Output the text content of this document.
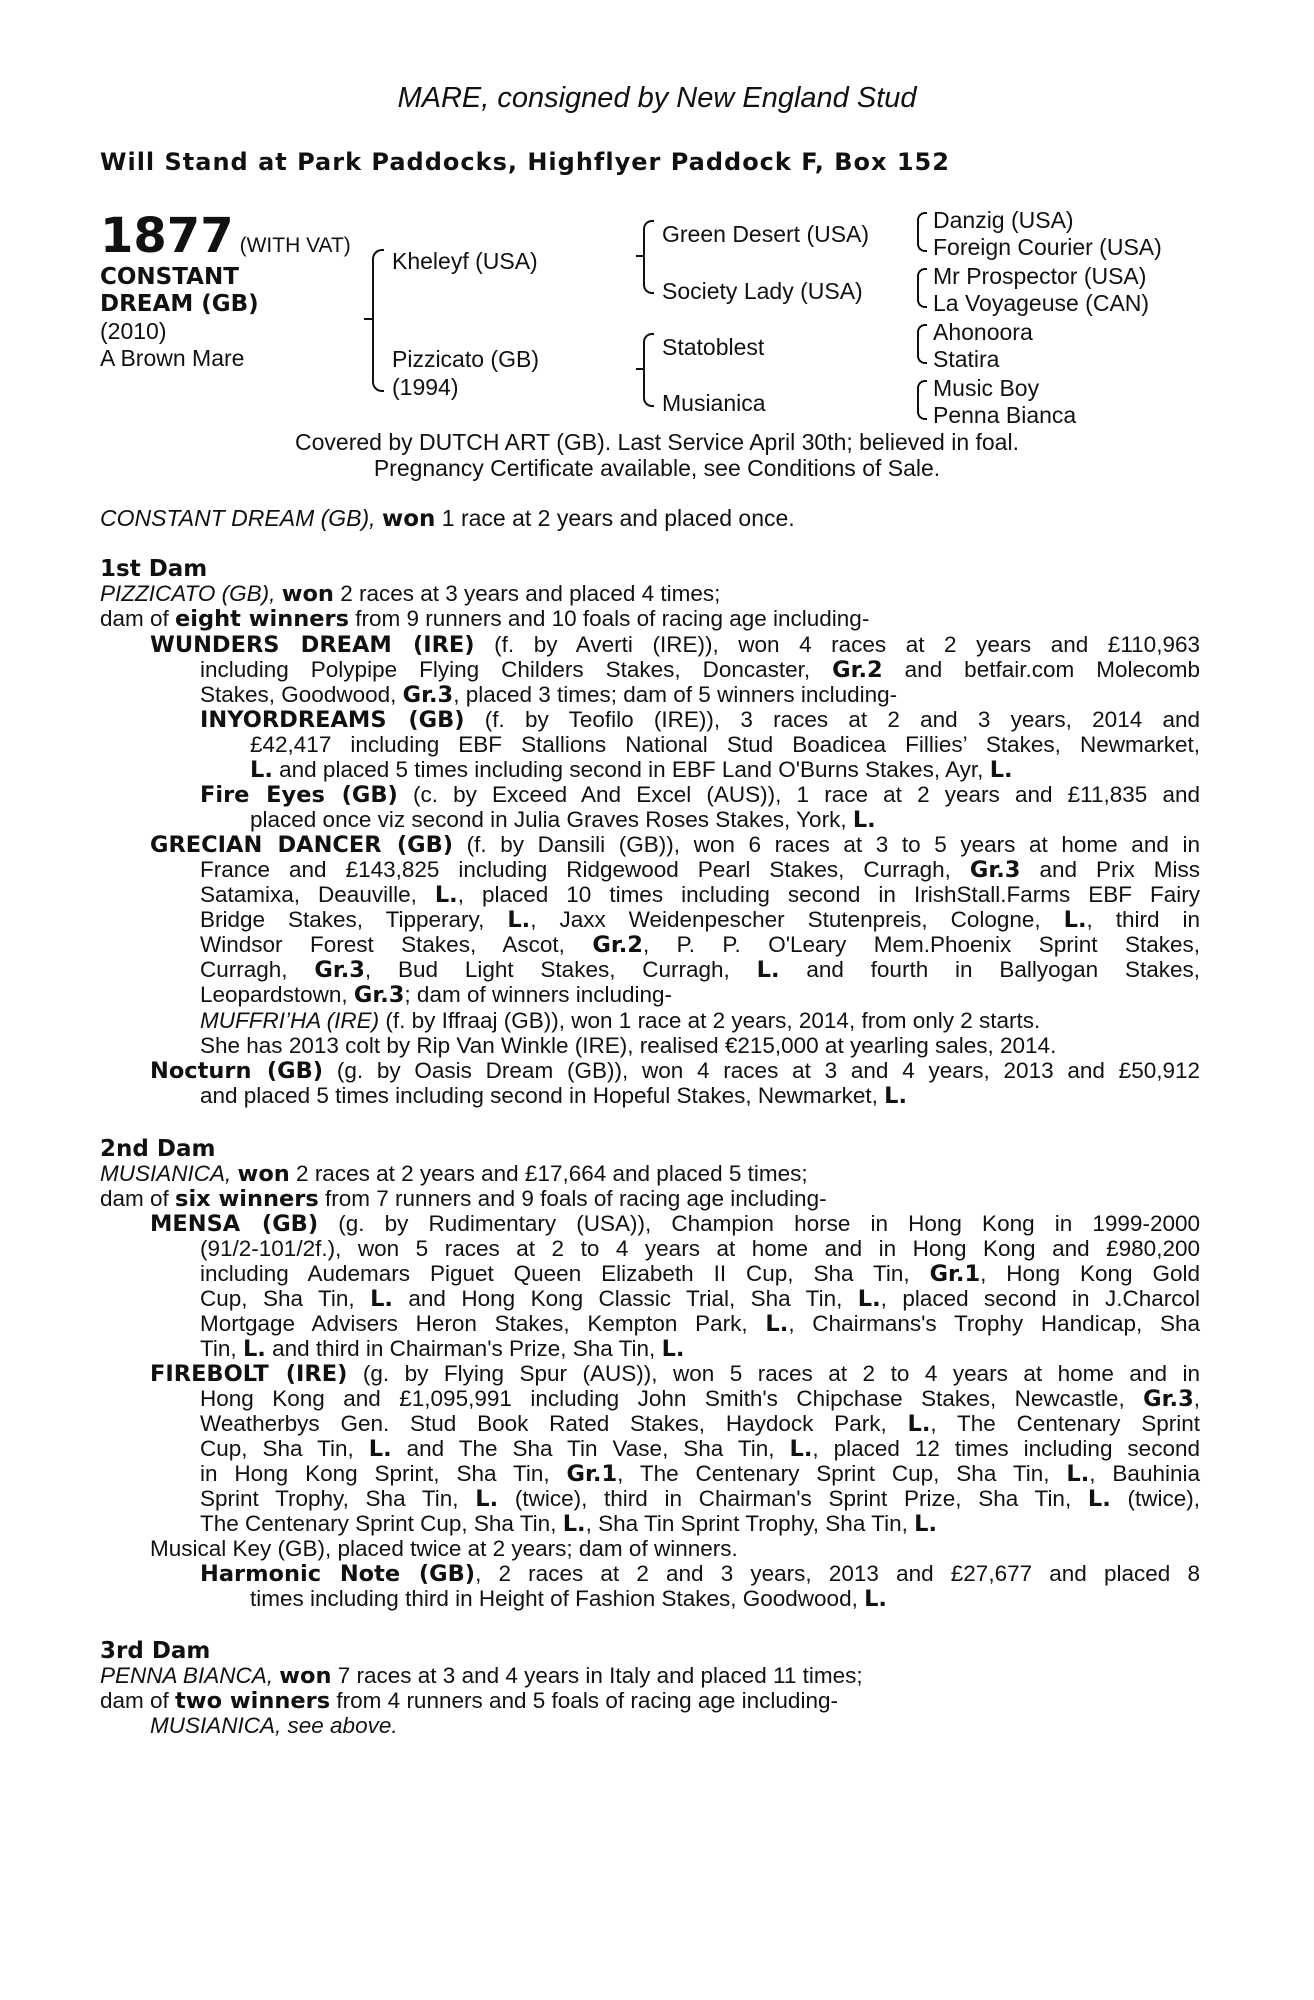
MARE, consigned by New England Stud
Will Stand at Park Paddocks, Highflyer Paddock F, Box 152
1877 (WITH VAT)
CONSTANT
DREAM (GB)
(2010)
A Brown Mare
Kheleyf (USA)
Pizzicato (GB)
(1994)
Green Desert (USA)
Society Lady (USA)
Statoblest
Musianica
Danzig (USA)
Foreign Courier (USA)
Mr Prospector (USA)
La Voyageuse (CAN)
Ahonoora
Statira
Music Boy
Penna Bianca
Covered by DUTCH ART (GB). Last Service April 30th; believed in foal.
Pregnancy Certificate available, see Conditions of Sale.
CONSTANT DREAM (GB), won 1 race at 2 years and placed once.
1st Dam
PIZZICATO (GB), won 2 races at 3 years and placed 4 times;
dam of eight winners from 9 runners and 10 foals of racing age including-
WUNDERS DREAM (IRE) (f. by Averti (IRE)), won 4 races at 2 years and £110,963
including Polypipe Flying Childers Stakes, Doncaster, Gr.2 and betfair.com Molecomb
Stakes, Goodwood, Gr.3, placed 3 times; dam of 5 winners including-
INYORDREAMS (GB) (f. by Teofilo (IRE)), 3 races at 2 and 3 years, 2014 and
£42,417 including EBF Stallions National Stud Boadicea Fillies’ Stakes, Newmarket,
L. and placed 5 times including second in EBF Land O'Burns Stakes, Ayr, L.
Fire Eyes (GB) (c. by Exceed And Excel (AUS)), 1 race at 2 years and £11,835 and
placed once viz second in Julia Graves Roses Stakes, York, L.
GRECIAN DANCER (GB) (f. by Dansili (GB)), won 6 races at 3 to 5 years at home and in
France and £143,825 including Ridgewood Pearl Stakes, Curragh, Gr.3 and Prix Miss
Satamixa, Deauville, L., placed 10 times including second in IrishStall.Farms EBF Fairy
Bridge Stakes, Tipperary, L., Jaxx Weidenpescher Stutenpreis, Cologne, L., third in
Windsor Forest Stakes, Ascot, Gr.2, P. P. O'Leary Mem.Phoenix Sprint Stakes,
Curragh, Gr.3, Bud Light Stakes, Curragh, L. and fourth in Ballyogan Stakes,
Leopardstown, Gr.3; dam of winners including-
MUFFRI’HA (IRE) (f. by Iffraaj (GB)), won 1 race at 2 years, 2014, from only 2 starts.
She has 2013 colt by Rip Van Winkle (IRE), realised €215,000 at yearling sales, 2014.
Nocturn (GB) (g. by Oasis Dream (GB)), won 4 races at 3 and 4 years, 2013 and £50,912
and placed 5 times including second in Hopeful Stakes, Newmarket, L.
2nd Dam
MUSIANICA, won 2 races at 2 years and £17,664 and placed 5 times;
dam of six winners from 7 runners and 9 foals of racing age including-
MENSA (GB) (g. by Rudimentary (USA)), Champion horse in Hong Kong in 1999-2000
(91/2-101/2f.), won 5 races at 2 to 4 years at home and in Hong Kong and £980,200
including Audemars Piguet Queen Elizabeth II Cup, Sha Tin, Gr.1, Hong Kong Gold
Cup, Sha Tin, L. and Hong Kong Classic Trial, Sha Tin, L., placed second in J.Charcol
Mortgage Advisers Heron Stakes, Kempton Park, L., Chairmans's Trophy Handicap, Sha
Tin, L. and third in Chairman's Prize, Sha Tin, L.
FIREBOLT (IRE) (g. by Flying Spur (AUS)), won 5 races at 2 to 4 years at home and in
Hong Kong and £1,095,991 including John Smith's Chipchase Stakes, Newcastle, Gr.3,
Weatherbys Gen. Stud Book Rated Stakes, Haydock Park, L., The Centenary Sprint
Cup, Sha Tin, L. and The Sha Tin Vase, Sha Tin, L., placed 12 times including second
in Hong Kong Sprint, Sha Tin, Gr.1, The Centenary Sprint Cup, Sha Tin, L., Bauhinia
Sprint Trophy, Sha Tin, L. (twice), third in Chairman's Sprint Prize, Sha Tin, L. (twice),
The Centenary Sprint Cup, Sha Tin, L., Sha Tin Sprint Trophy, Sha Tin, L.
Musical Key (GB), placed twice at 2 years; dam of winners.
Harmonic Note (GB), 2 races at 2 and 3 years, 2013 and £27,677 and placed 8
times including third in Height of Fashion Stakes, Goodwood, L.
3rd Dam
PENNA BIANCA, won 7 races at 3 and 4 years in Italy and placed 11 times;
dam of two winners from 4 runners and 5 foals of racing age including-
MUSIANICA, see above.
